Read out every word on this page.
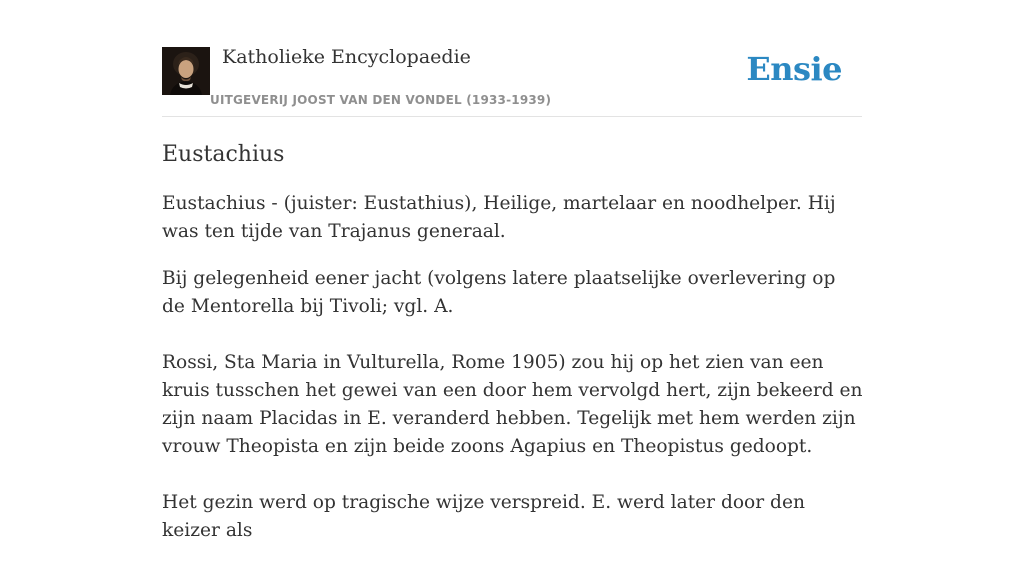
Katholieke Encyclopaedie
UITGEVERIJ JOOST VAN DEN VONDEL (1933-1939)
Ensie
Eustachius

Eustachius - (juister: Eustathius), Heilige, martelaar en noodhelper. Hij was ten tijde van Trajanus generaal.

Bij gelegenheid eener jacht (volgens latere plaatselijke overlevering op de Mentorella bij Tivoli; vgl. A.

Rossi, Sta Maria in Vulturella, Rome 1905) zou hij op het zien van een kruis tusschen het gewei van een door hem vervolgd hert, zijn bekeerd en zijn naam Placidas in E. veranderd hebben. Tegelijk met hem werden zijn vrouw Theopista en zijn beide zoons Agapius en Theopistus gedoopt.

Het gezin werd op tragische wijze verspreid. E. werd later door den keizer als
